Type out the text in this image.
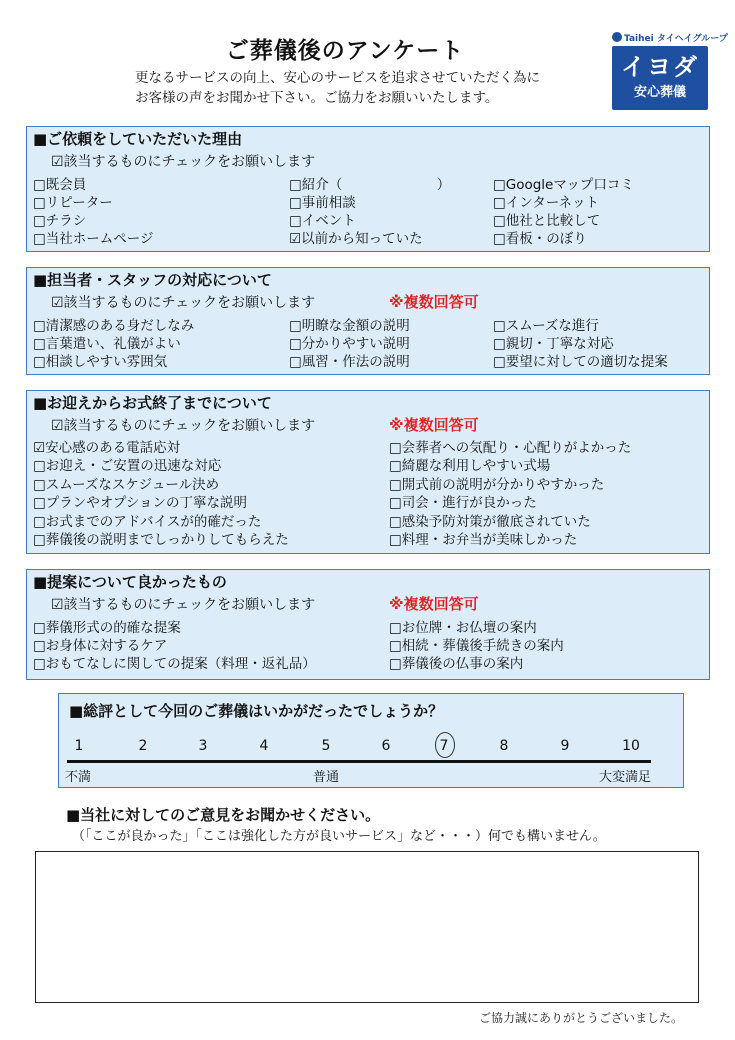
ご葬儀後のアンケート
更なるサービスの向上、安心のサービスを追求させていただく為に
お客様の声をお聞かせ下さい。ご協力をお願いいたします。
Taihei タイヘイグループ
イヨダ
安心葬儀
■ご依頼をしていただいた理由
☑該当するものにチェックをお願いします
□既会員
□リピーター
□チラシ
□当社ホームページ
□紹介（　　　　　　　）
□事前相談
□イベント
☑以前から知っていた
□Googleマップ口コミ
□インターネット
□他社と比較して
□看板・のぼり
■担当者・スタッフの対応について
☑該当するものにチェックをお願いします	※複数回答可
□清潔感のある身だしなみ
□言葉遣い、礼儀がよい
□相談しやすい雰囲気
□明瞭な金額の説明
□分かりやすい説明
□風習・作法の説明
□スムーズな進行
□親切・丁寧な対応
□要望に対しての適切な提案
■お迎えからお式終了までについて
☑該当するものにチェックをお願いします	※複数回答可
☑安心感のある電話応対
□お迎え・ご安置の迅速な対応
□スムーズなスケジュール決め
□プランやオプションの丁寧な説明
□お式までのアドバイスが的確だった
□葬儀後の説明までしっかりしてもらえた
□会葬者への気配り・心配りがよかった
□綺麗な利用しやすい式場
□開式前の説明が分かりやすかった
□司会・進行が良かった
□感染予防対策が徹底されていた
□料理・お弁当が美味しかった
■提案について良かったもの
☑該当するものにチェックをお願いします	※複数回答可
□葬儀形式の的確な提案
□お身体に対するケア
□おもてなしに関しての提案（料理・返礼品）
□お位牌・お仏壇の案内
□相続・葬儀後手続きの案内
□葬儀後の仏事の案内
■総評として今回のご葬儀はいかがだったでしょうか？
1	2	3	4	5	6	7	8	9	10
不満	普通	大変満足
■当社に対してのご意見をお聞かせください。
（「ここが良かった」「ここは強化した方が良いサービス」など・・・）何でも構いません。
ご協力誠にありがとうございました。
